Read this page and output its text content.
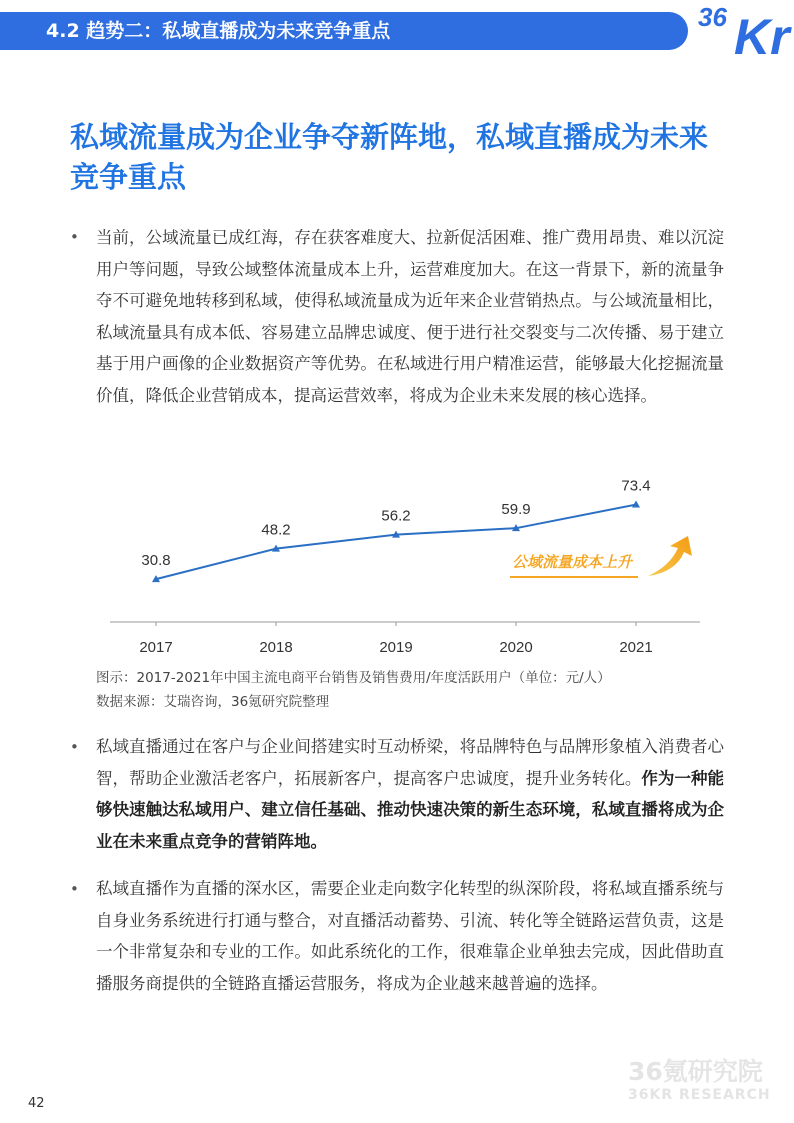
4.2 趋势二：私域直播成为未来竞争重点	36 Kr
私域流量成为企业争夺新阵地，私域直播成为未来竞争重点
• 当前，公域流量已成红海，存在获客难度大、拉新促活困难、推广费用昂贵、难以沉淀用户等问题，导致公域整体流量成本上升，运营难度加大。在这一背景下，新的流量争夺不可避免地转移到私域，使得私域流量成为近年来企业营销热点。与公域流量相比，私域流量具有成本低、容易建立品牌忠诚度、便于进行社交裂变与二次传播、易于建立基于用户画像的企业数据资产等优势。在私域进行用户精准运营，能够最大化挖掘流量价值，降低企业营销成本，提高运营效率，将成为企业未来发展的核心选择。

30.8
48.2
56.2	59.9
73.4
2017	2018	2019	2020	2021
公域流量成本上升
图示：2017-2021年中国主流电商平台销售及销售费用/年度活跃用户（单位：元/人）
数据来源：艾瑞咨询，36氪研究院整理
• 私域直播通过在客户与企业间搭建实时互动桥梁，将品牌特色与品牌形象植入消费者心智，帮助企业激活老客户，拓展新客户，提高客户忠诚度，提升业务转化。作为一种能够快速触达私域用户、建立信任基础、推动快速决策的新生态环境，私域直播将成为企业在未来重点竞争的营销阵地。

• 私域直播作为直播的深水区，需要企业走向数字化转型的纵深阶段，将私域直播系统与自身业务系统进行打通与整合，对直播活动蓄势、引流、转化等全链路运营负责，这是一个非常复杂和专业的工作。如此系统化的工作，很难靠企业单独去完成，因此借助直播服务商提供的全链路直播运营服务，将成为企业越来越普遍的选择。

36氪研究院
36KR RESEARCH
42
